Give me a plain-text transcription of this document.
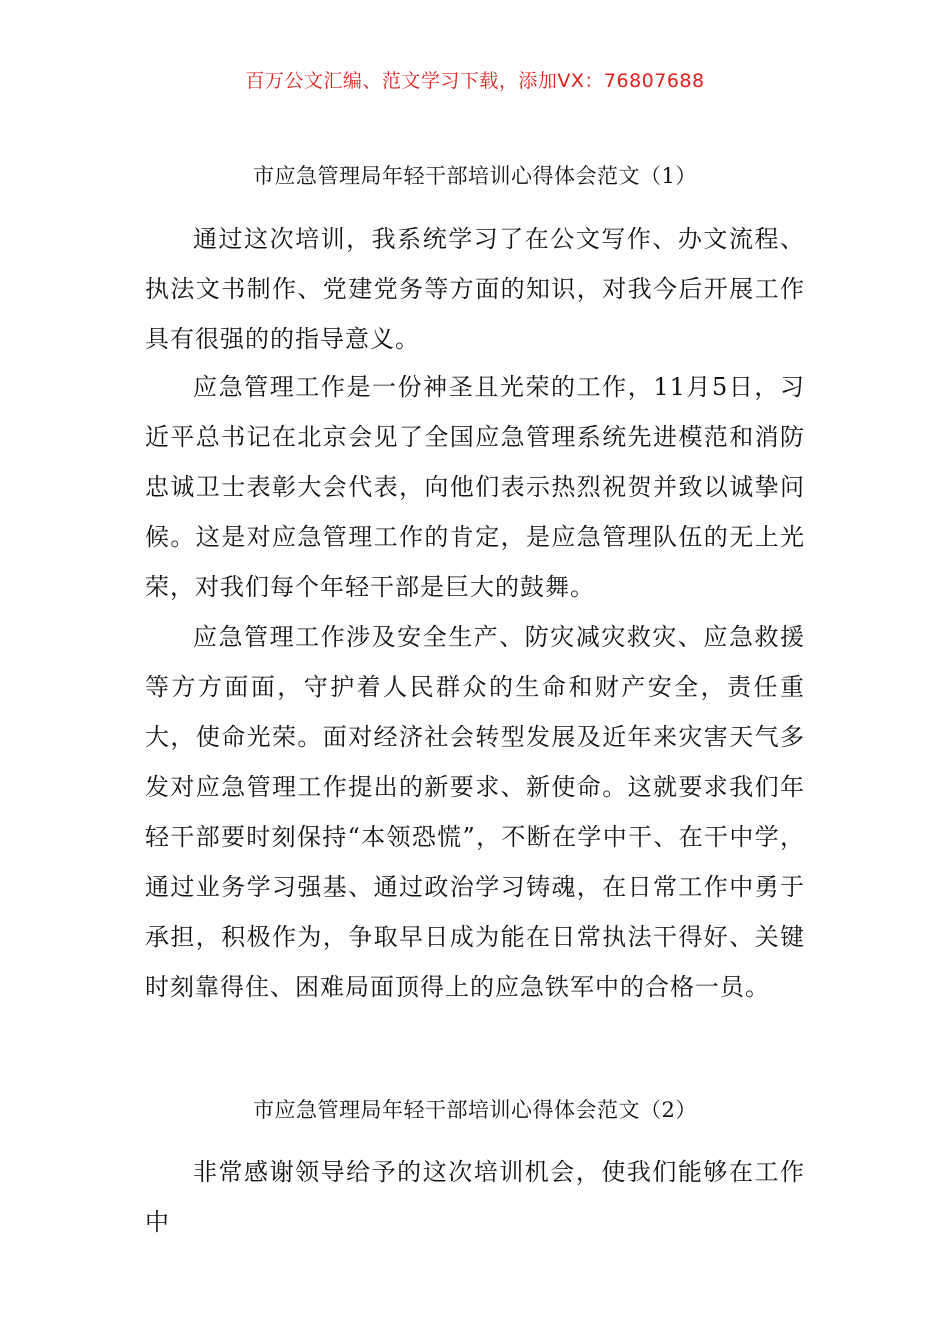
百万公文汇编、范文学习下载，添加VX：76807688
市应急管理局年轻干部培训心得体会范文（1）
通过这次培训，我系统学习了在公文写作、办文流程、执法文书制作、党建党务等方面的知识，对我今后开展工作具有很强的的指导意义。
应急管理工作是一份神圣且光荣的工作，11月5日，习近平总书记在北京会见了全国应急管理系统先进模范和消防忠诚卫士表彰大会代表，向他们表示热烈祝贺并致以诚挚问候。这是对应急管理工作的肯定，是应急管理队伍的无上光荣，对我们每个年轻干部是巨大的鼓舞。
应急管理工作涉及安全生产、防灾减灾救灾、应急救援等方方面面，守护着人民群众的生命和财产安全，责任重大，使命光荣。面对经济社会转型发展及近年来灾害天气多发对应急管理工作提出的新要求、新使命。这就要求我们年轻干部要时刻保持“本领恐慌”，不断在学中干、在干中学，通过业务学习强基、通过政治学习铸魂，在日常工作中勇于承担，积极作为，争取早日成为能在日常执法干得好、关键时刻靠得住、困难局面顶得上的应急铁军中的合格一员。
市应急管理局年轻干部培训心得体会范文（2）
非常感谢领导给予的这次培训机会，使我们能够在工作中
